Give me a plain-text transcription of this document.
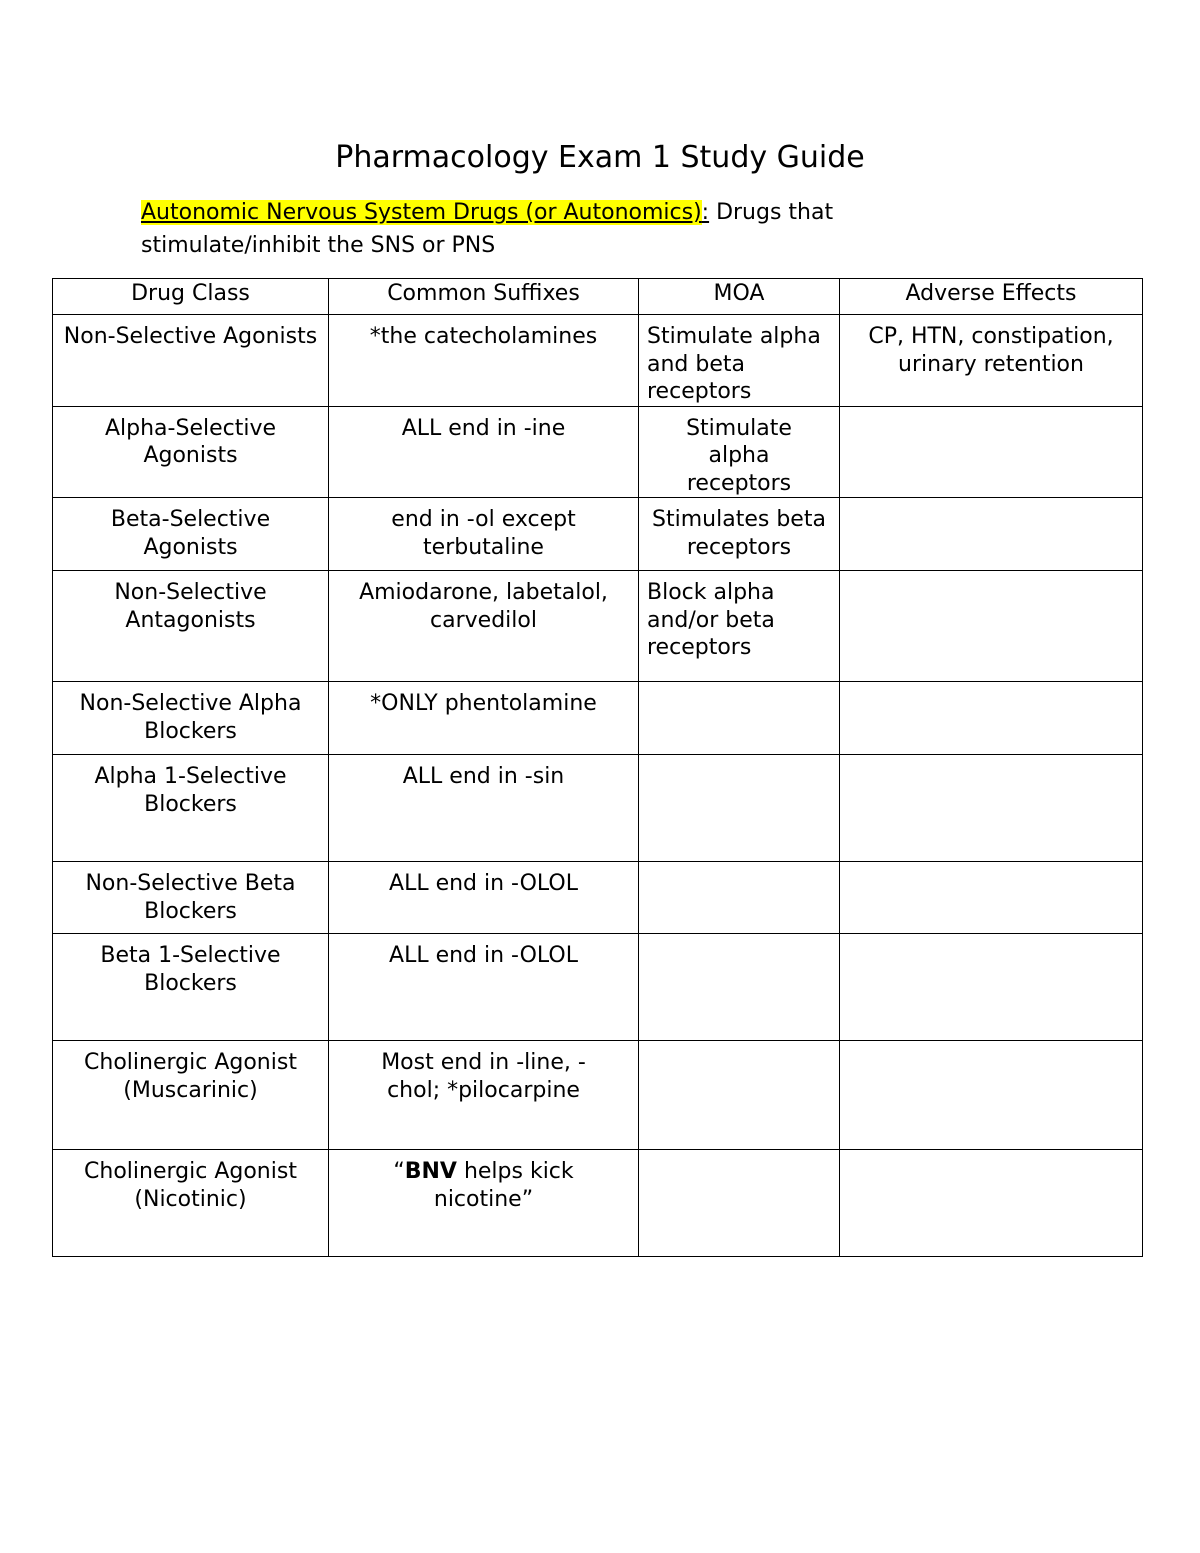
Pharmacology Exam 1 Study Guide
Autonomic Nervous System Drugs (or Autonomics): Drugs that stimulate/inhibit the SNS or PNS
Drug Class	Common Suffixes	MOA	Adverse Effects
Non-Selective Agonists	*the catecholamines	Stimulate alpha and beta receptors	CP, HTN, constipation, urinary retention
Alpha-Selective Agonists	ALL end in -ine	Stimulate alpha receptors	
Beta-Selective Agonists	end in -ol except terbutaline	Stimulates beta receptors	
Non-Selective Antagonists	Amiodarone, labetalol, carvedilol	Block alpha and/or beta receptors	
Non-Selective Alpha Blockers	*ONLY phentolamine		
Alpha 1-Selective Blockers	ALL end in -sin		
Non-Selective Beta Blockers	ALL end in -OLOL		
Beta 1-Selective Blockers	ALL end in -OLOL		
Cholinergic Agonist (Muscarinic)	Most end in -line, -chol; *pilocarpine		
Cholinergic Agonist (Nicotinic)	“BNV helps kick nicotine”		
